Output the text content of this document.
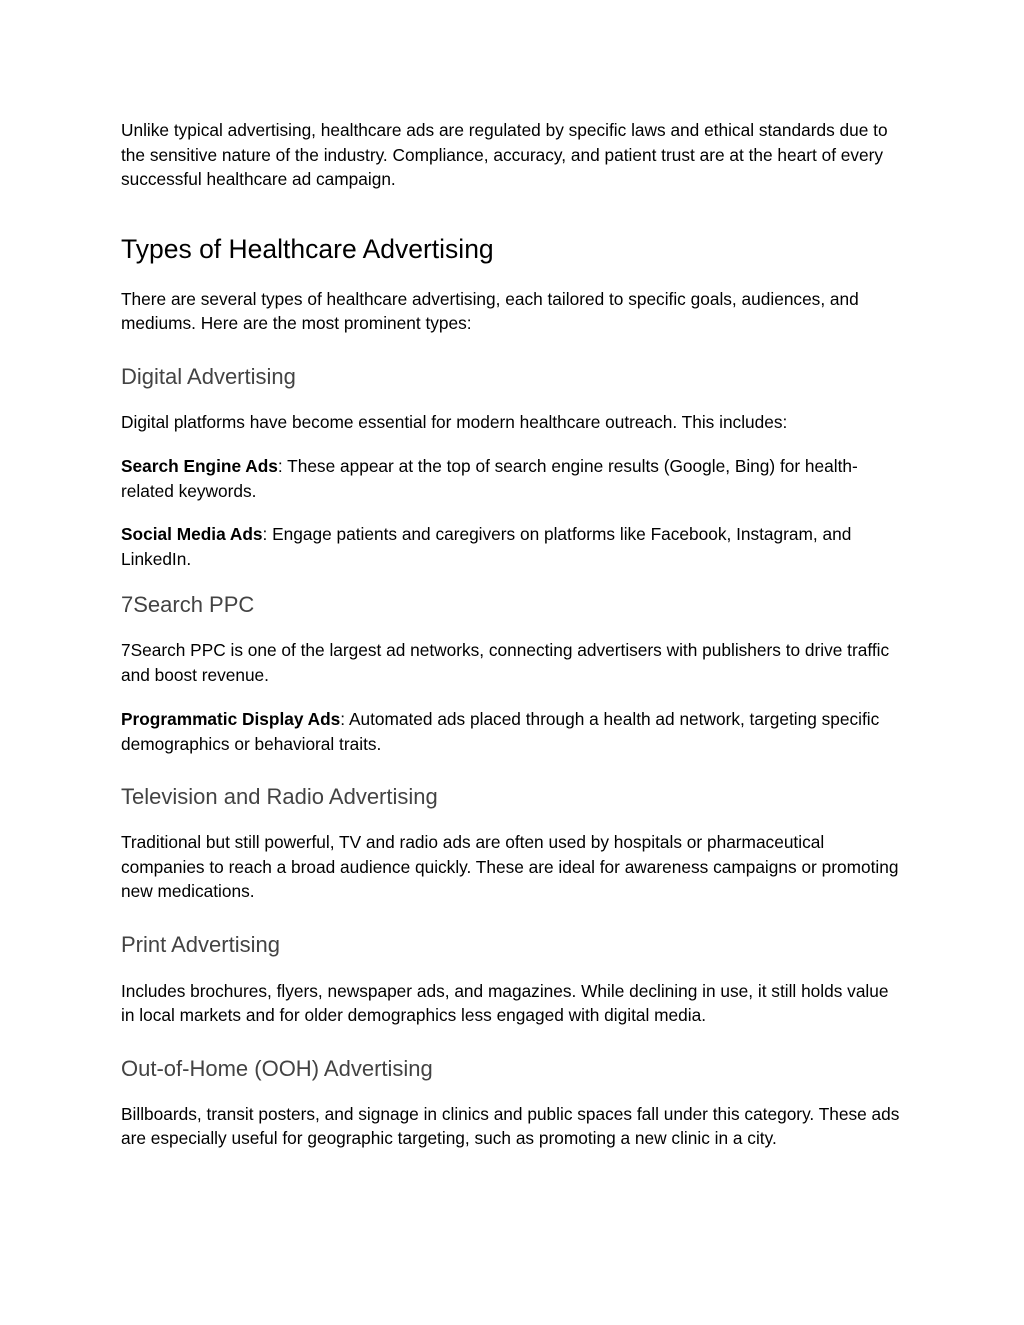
Unlike typical advertising, healthcare ads are regulated by specific laws and ethical standards due to the sensitive nature of the industry. Compliance, accuracy, and patient trust are at the heart of every successful healthcare ad campaign.

Types of Healthcare Advertising

There are several types of healthcare advertising, each tailored to specific goals, audiences, and mediums. Here are the most prominent types:

Digital Advertising

Digital platforms have become essential for modern healthcare outreach. This includes:

Search Engine Ads: These appear at the top of search engine results (Google, Bing) for health-related keywords.

Social Media Ads: Engage patients and caregivers on platforms like Facebook, Instagram, and LinkedIn.

7Search PPC

7Search PPC is one of the largest ad networks, connecting advertisers with publishers to drive traffic and boost revenue.

Programmatic Display Ads: Automated ads placed through a health ad network, targeting specific demographics or behavioral traits.

Television and Radio Advertising

Traditional but still powerful, TV and radio ads are often used by hospitals or pharmaceutical companies to reach a broad audience quickly. These are ideal for awareness campaigns or promoting new medications.

Print Advertising

Includes brochures, flyers, newspaper ads, and magazines. While declining in use, it still holds value in local markets and for older demographics less engaged with digital media.

Out-of-Home (OOH) Advertising

Billboards, transit posters, and signage in clinics and public spaces fall under this category. These ads are especially useful for geographic targeting, such as promoting a new clinic in a city.
